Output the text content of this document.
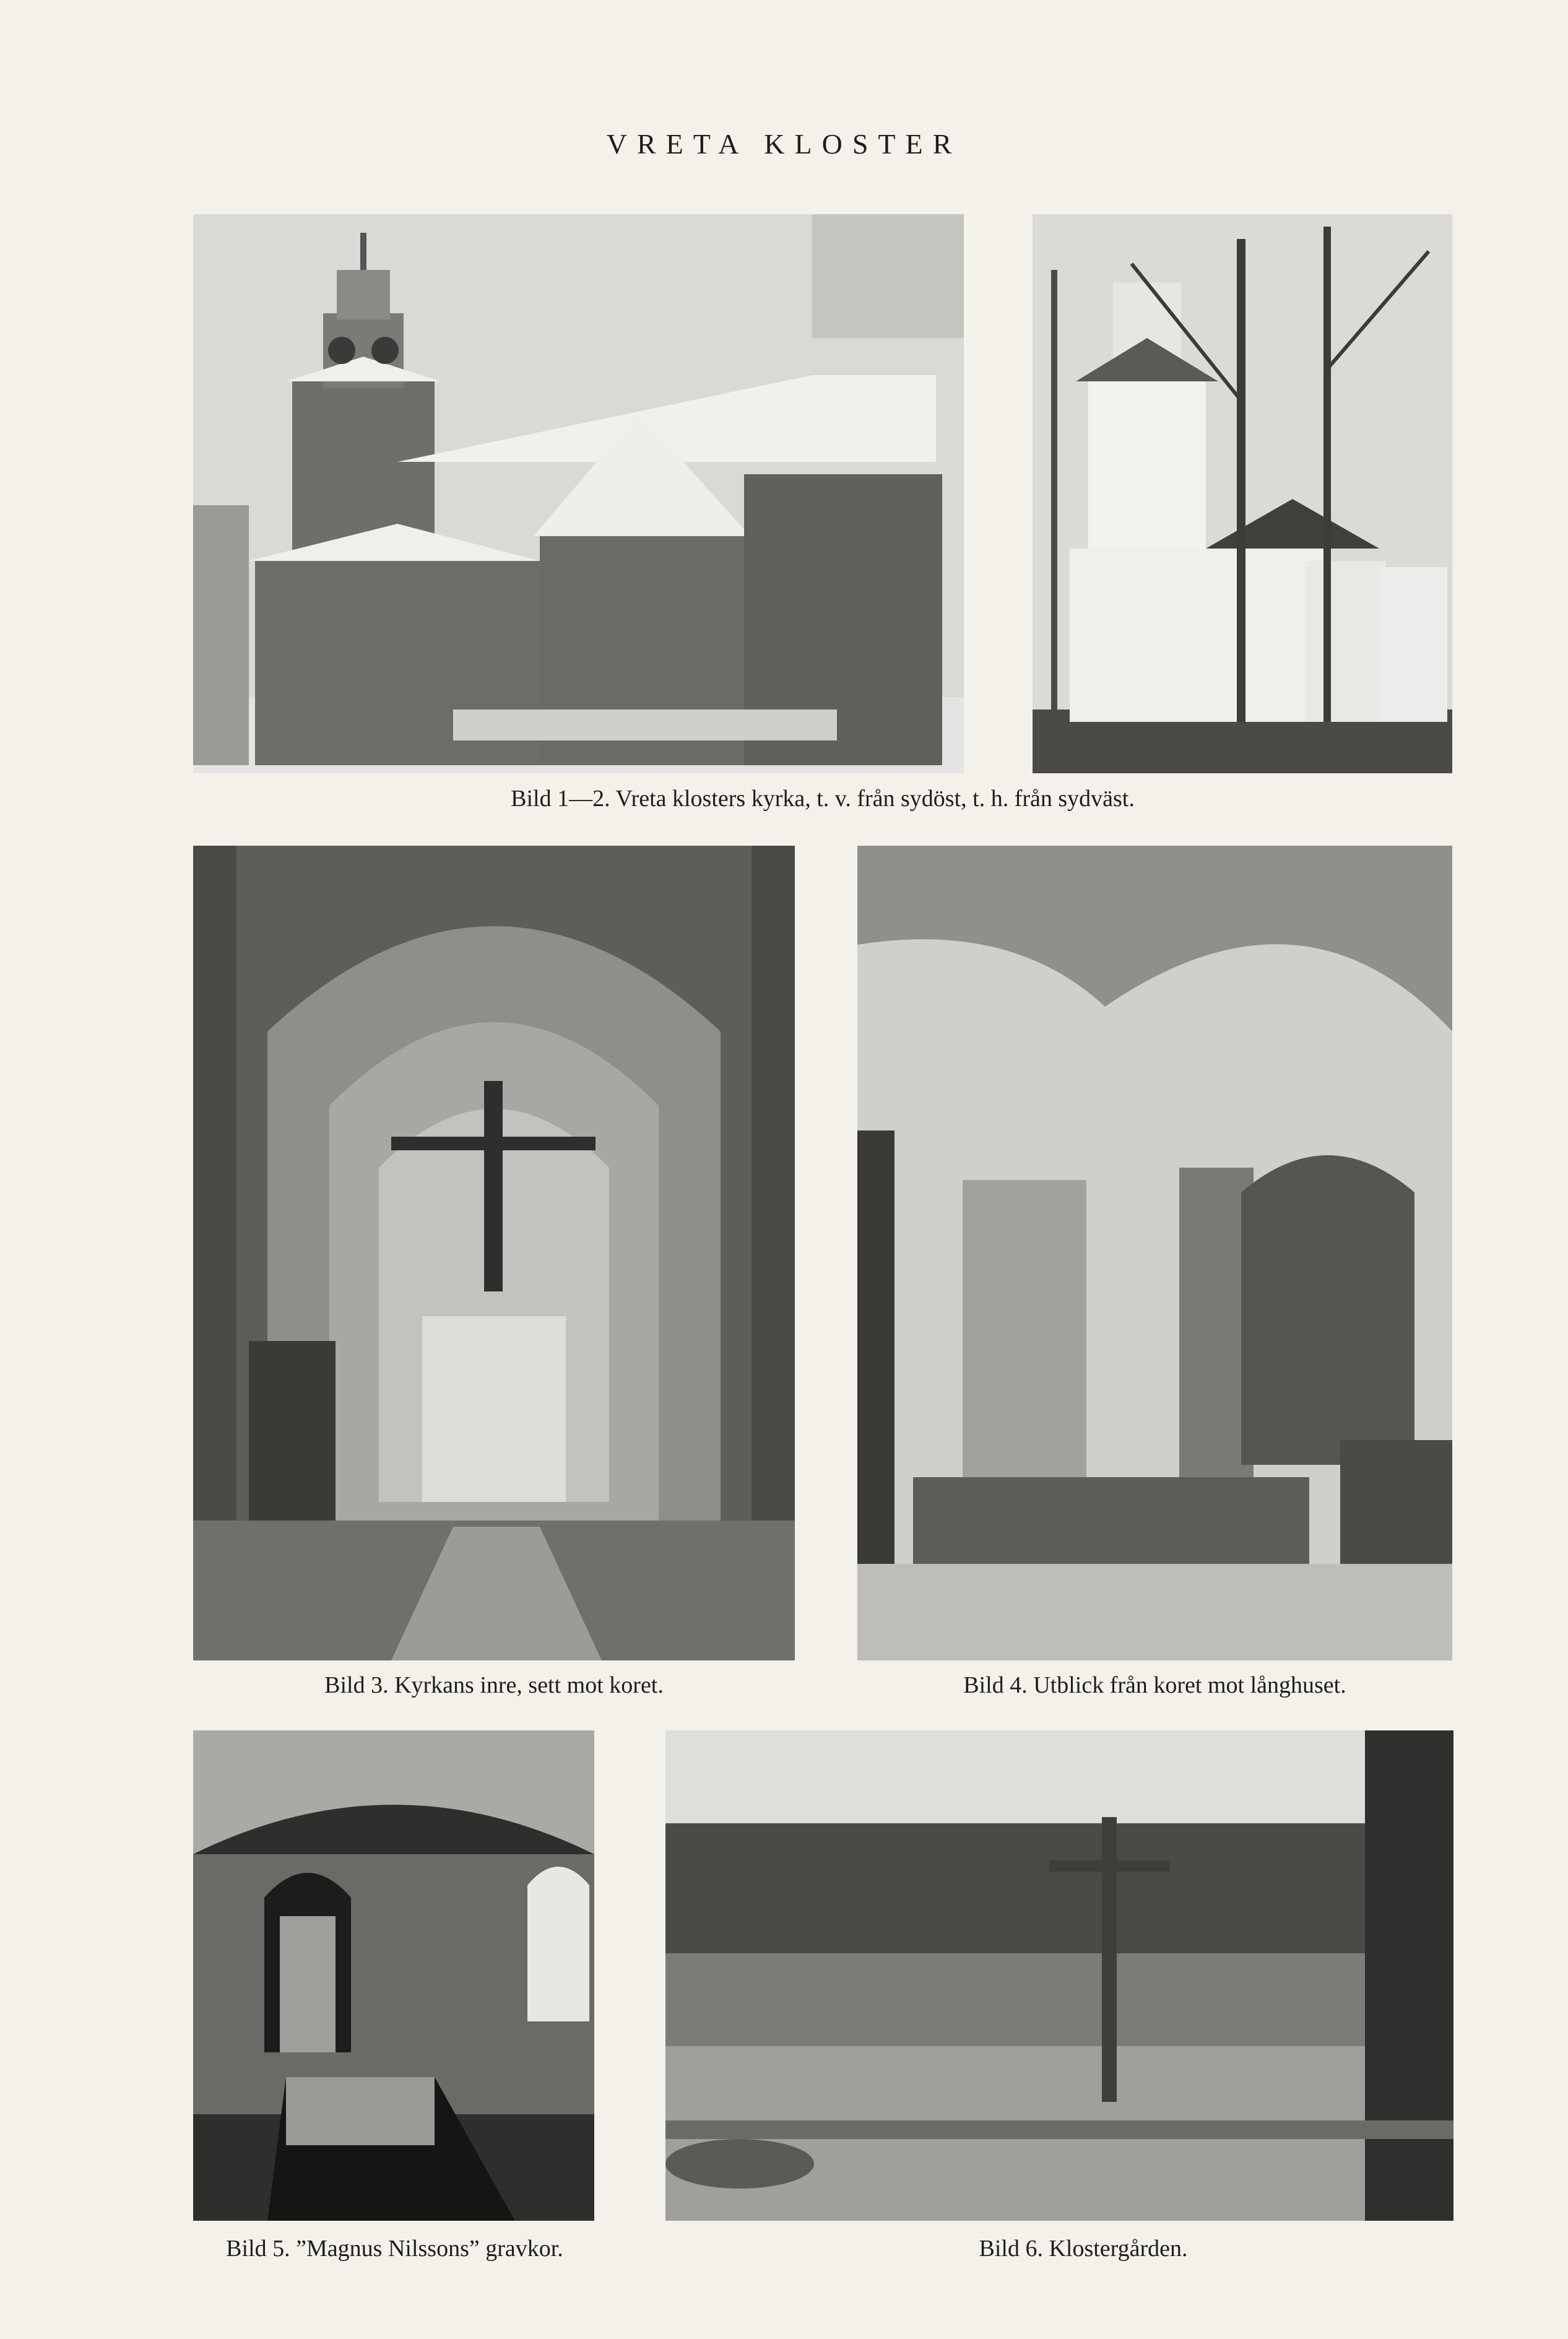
VRETA KLOSTER
Bild 1—2. Vreta klosters kyrka, t. v. från sydöst, t. h. från sydväst.
Bild 3. Kyrkans inre, sett mot koret.	Bild 4. Utblick från koret mot långhuset.
Bild 5. ”Magnus Nilssons” gravkor.	Bild 6. Klostergården.
